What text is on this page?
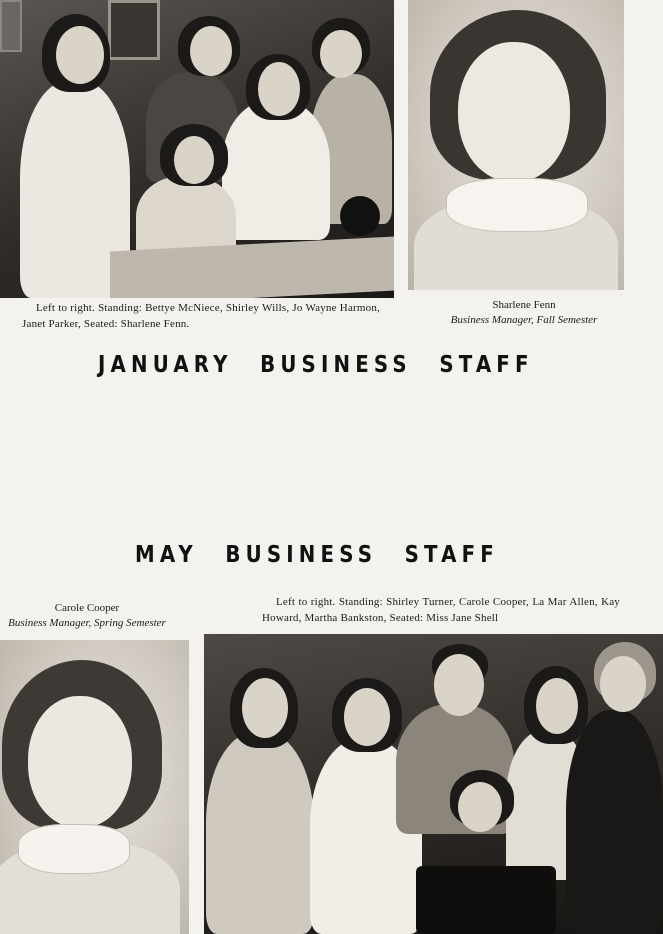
Left to right. Standing: Bettye McNiece, Shirley Wills, Jo Wayne Harmon, Janet Parker, Seated: Sharlene Fenn.
Sharlene Fenn
Business Manager, Fall Semester
JANUARY BUSINESS STAFF
MAY BUSINESS STAFF
Carole Cooper
Business Manager, Spring Semester
Left to right. Standing: Shirley Turner, Carole Cooper, La Mar Allen, Kay Howard, Martha Bankston, Seated: Miss Jane Shell
